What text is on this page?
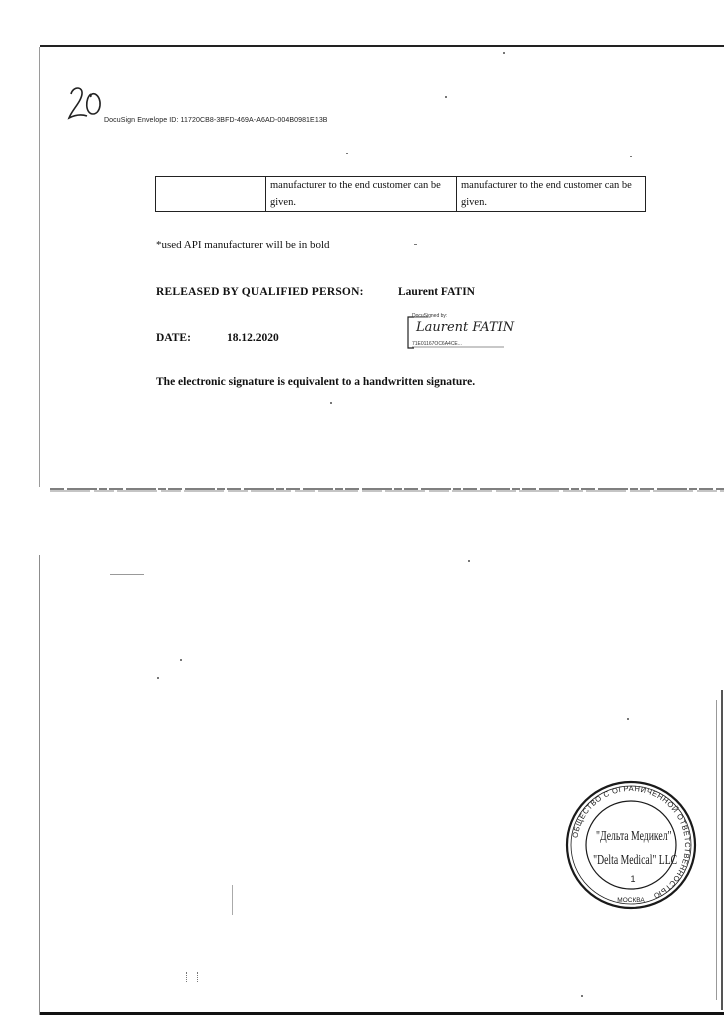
DocuSign Envelope ID: 11720CB8-3BFD-469A-A6AD-004B0981E13B
	manufacturer to the end customer can be given.	manufacturer to the end customer can be given.
*used API manufacturer will be in bold
RELEASED BY QUALIFIED PERSON:	Laurent FATIN
DATE:	18.12.2020
DocuSigned by:
Laurent FATIN
71E01167OC6A4CE...
The electronic signature is equivalent to a handwritten signature.
ОБЩЕСТВО С ОГРАНИЧЕННОЙ ОТВЕТСТВЕННОСТЬЮ
МОСКВА
"Дельта Медикел"
"Delta Medical" LLC
1
